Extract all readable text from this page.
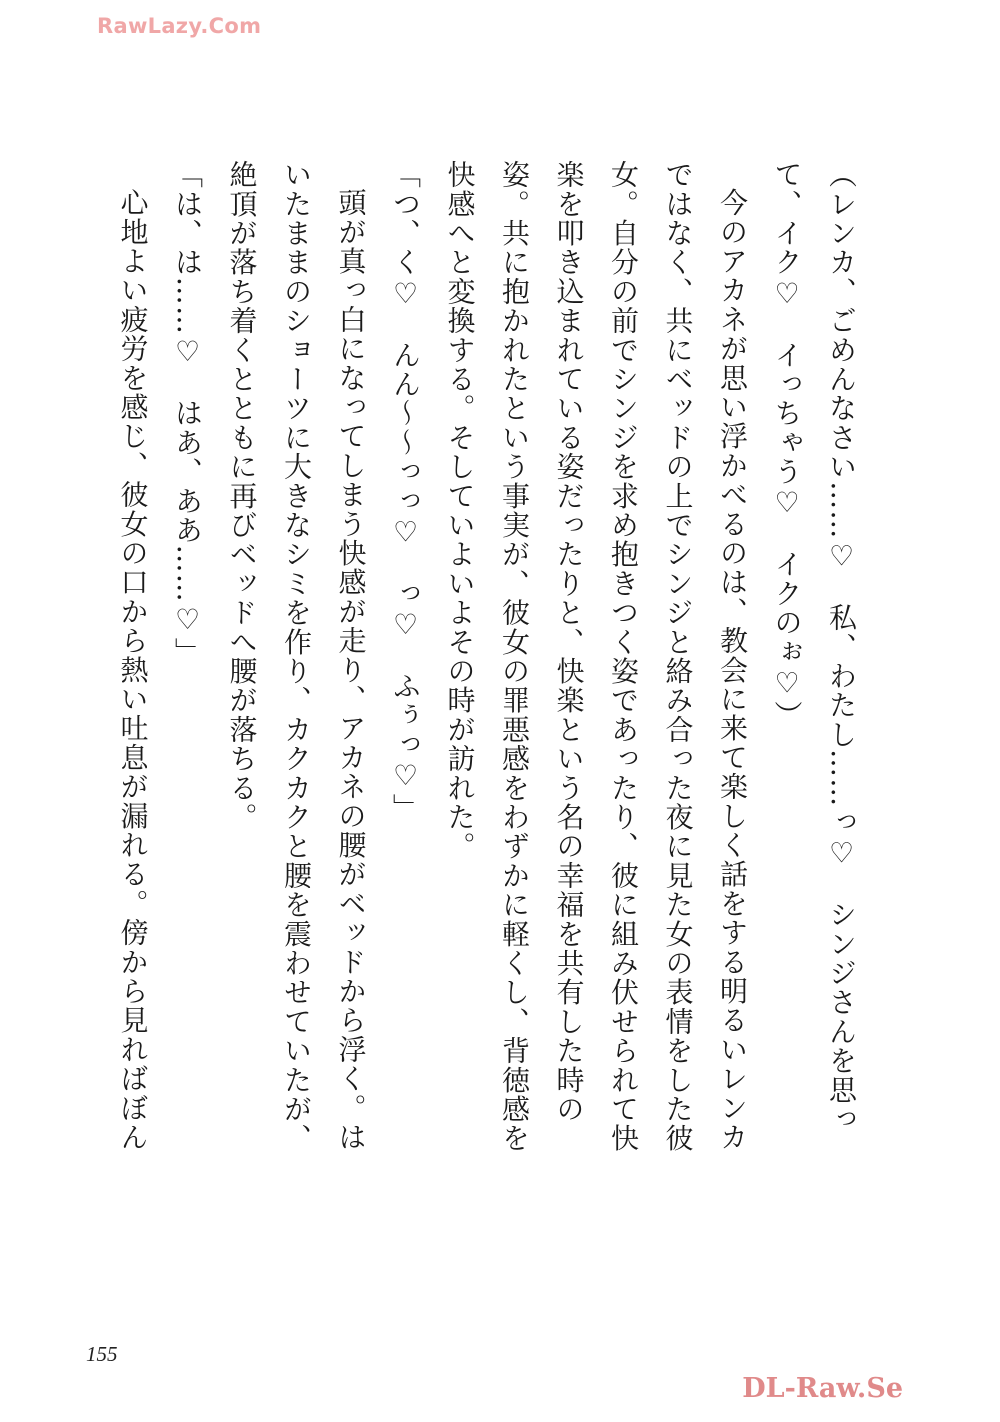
RawLazy.Com

（レンカ、ごめんなさい……♡　私、わたし……っ♡　シンジさんを思って、イク♡　イっちゃう♡　イクのぉ♡）

今のアカネが思い浮かべるのは、教会に来て楽しく話をする明るいレンカではなく、共にベッドの上でシンジと絡み合った夜に見た女の表情をした彼女。自分の前でシンジを求め抱きつく姿であったり、彼に組み伏せられて快楽を叩き込まれている姿だったりと、快楽という名の幸福を共有した時の姿。共に抱かれたという事実が、彼女の罪悪感をわずかに軽くし、背徳感を快感へと変換する。そしていよいよその時が訪れた。

「つ、く♡　んん〜〜っっ♡　っ♡　ふぅっ♡」

頭が真っ白になってしまう快感が走り、アカネの腰がベッドから浮く。はいたままのショーツに大きなシミを作り、カクカクと腰を震わせていたが、絶頂が落ち着くとともに再びベッドへ腰が落ちる。

「は、は……♡　はあ、ああ……♡」

心地よい疲労を感じ、彼女の口から熱い吐息が漏れる。傍から見ればぼん

155
DL-Raw.Se
